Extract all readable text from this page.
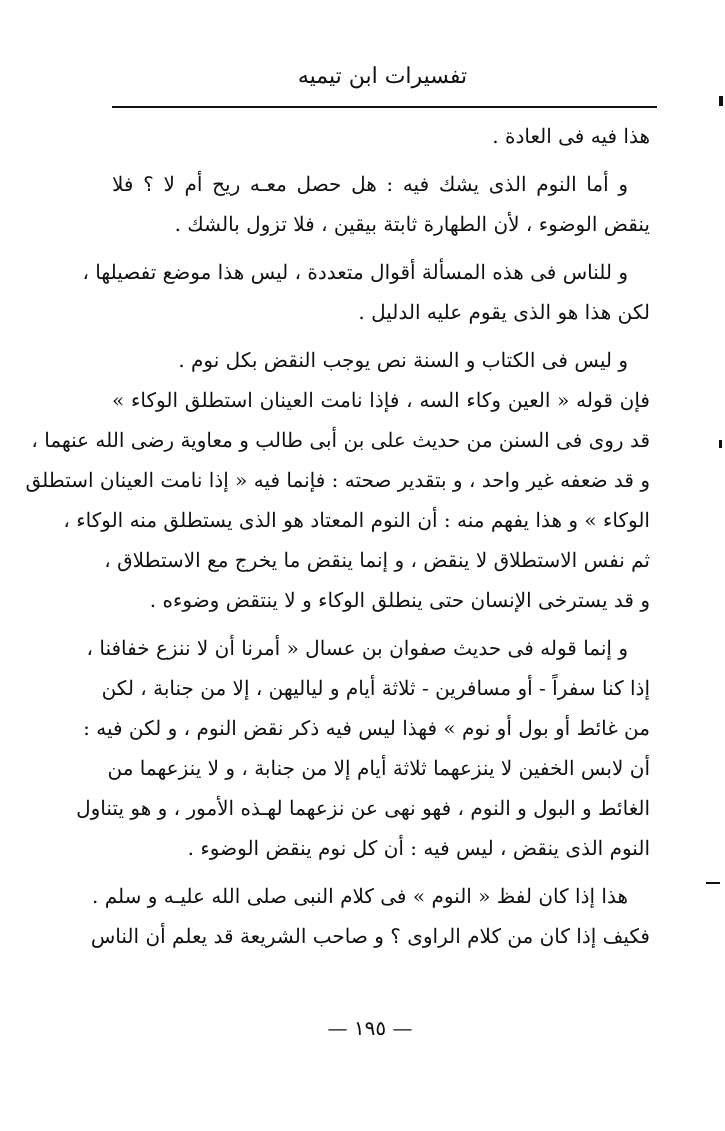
تفسيرات ابن تيميه
هذا فيه فى العادة .
و أما النوم الذى يشك فيه : هل حصل معـه ريح أم لا ؟ فلا
ينقض الوضوء ، لأن الطهارة ثابتة بيقين ، فلا تزول بالشك .
و للناس فى هذه المسألة أقوال متعددة ، ليس هذا موضع تفصيلها ،
لكن هذا هو الذى يقوم عليه الدليل .
و ليس فى الكتاب و السنة نص يوجب النقض بكل نوم .
فإن قوله « العين وكاء السه ، فإذا نامت العينان استطلق الوكاء »
قد روى فى السنن من حديث على بن أبى طالب و معاوية رضى الله عنهما ،
و قد ضعفه غير واحد ، و بتقدير صحته : فإنما فيه « إذا نامت العينان استطلق
الوكاء » و هذا يفهم منه : أن النوم المعتاد هو الذى يستطلق منه الوكاء ،
ثم نفس الاستطلاق لا ينقض ، و إنما ينقض ما يخرج مع الاستطلاق ،
و قد يسترخى الإنسان حتى ينطلق الوكاء و لا ينتقض وضوءه .
و إنما قوله فى حديث صفوان بن عسال « أمرنا أن لا ننزع خفافنا ،
إذا كنا سفراً - أو مسافرين - ثلاثة أيام و لياليهن ، إلا من جنابة ، لكن
من غائط أو بول أو نوم » فهذا ليس فيه ذكر نقض النوم ، و لكن فيه :
أن لابس الخفين لا ينزعهما ثلاثة أيام إلا من جنابة ، و لا ينزعهما من
الغائط و البول و النوم ، فهو نهى عن نزعهما لهـذه الأمور ، و هو يتناول
النوم الذى ينقض ، ليس فيه : أن كل نوم ينقض الوضوء .
هذا إذا كان لفظ « النوم » فى كلام النبى صلى الله عليـه و سلم .
فكيف إذا كان من كلام الراوى ؟ و صاحب الشريعة قد يعلم أن الناس
— ١٩٥ —
